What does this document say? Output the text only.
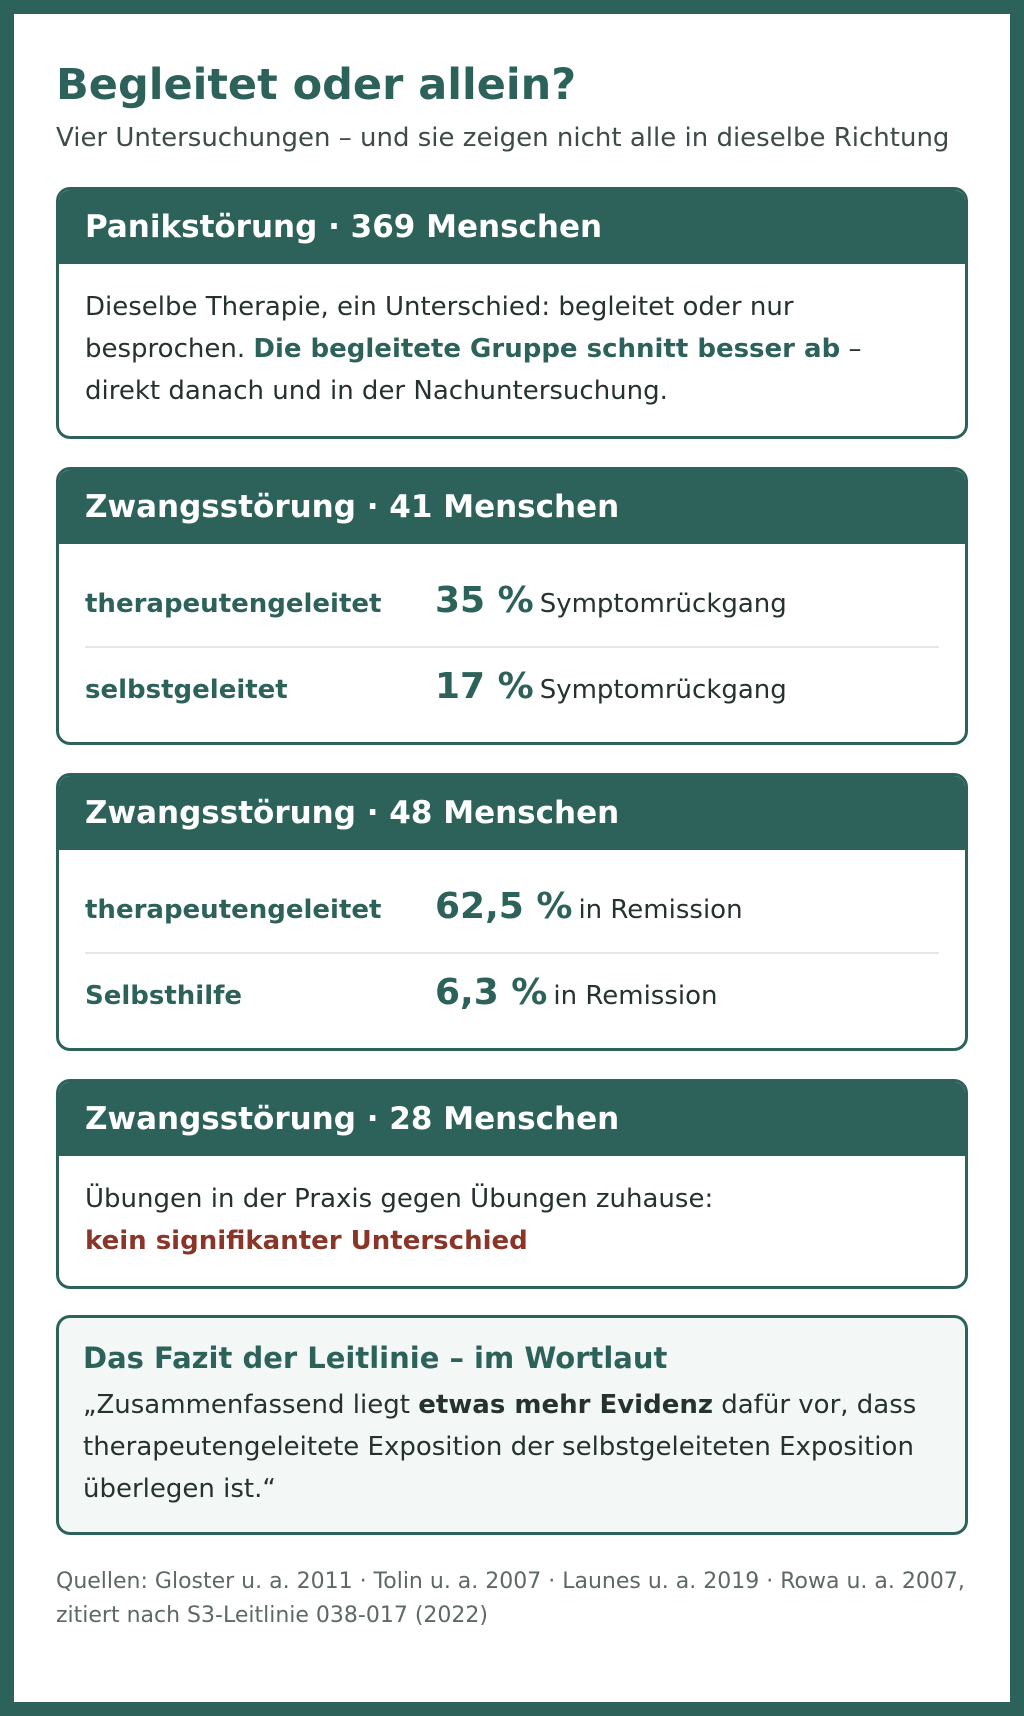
Begleitet oder allein?

Vier Untersuchungen – und sie zeigen nicht alle in dieselbe Richtung

Panikstörung · 369 Menschen
Dieselbe Therapie, ein Unterschied: begleitet oder nur besprochen. Die begleitete Gruppe schnitt besser ab – direkt danach und in der Nachuntersuchung.
Zwangsstörung · 41 Menschen
therapeutengeleitet	35 % Symptomrückgang
selbstgeleitet	17 % Symptomrückgang
Zwangsstörung · 48 Menschen
therapeutengeleitet	62,5 % in Remission
Selbsthilfe	6,3 % in Remission
Zwangsstörung · 28 Menschen
Übungen in der Praxis gegen Übungen zuhause:
kein signifikanter Unterschied
Das Fazit der Leitlinie – im Wortlaut
„Zusammenfassend liegt etwas mehr Evidenz dafür vor, dass therapeutengeleitete Exposition der selbstgeleiteten Exposition überlegen ist.“
Quellen: Gloster u. a. 2011 · Tolin u. a. 2007 · Launes u. a. 2019 · Rowa u. a. 2007, zitiert nach S3-Leitlinie 038-017 (2022)
